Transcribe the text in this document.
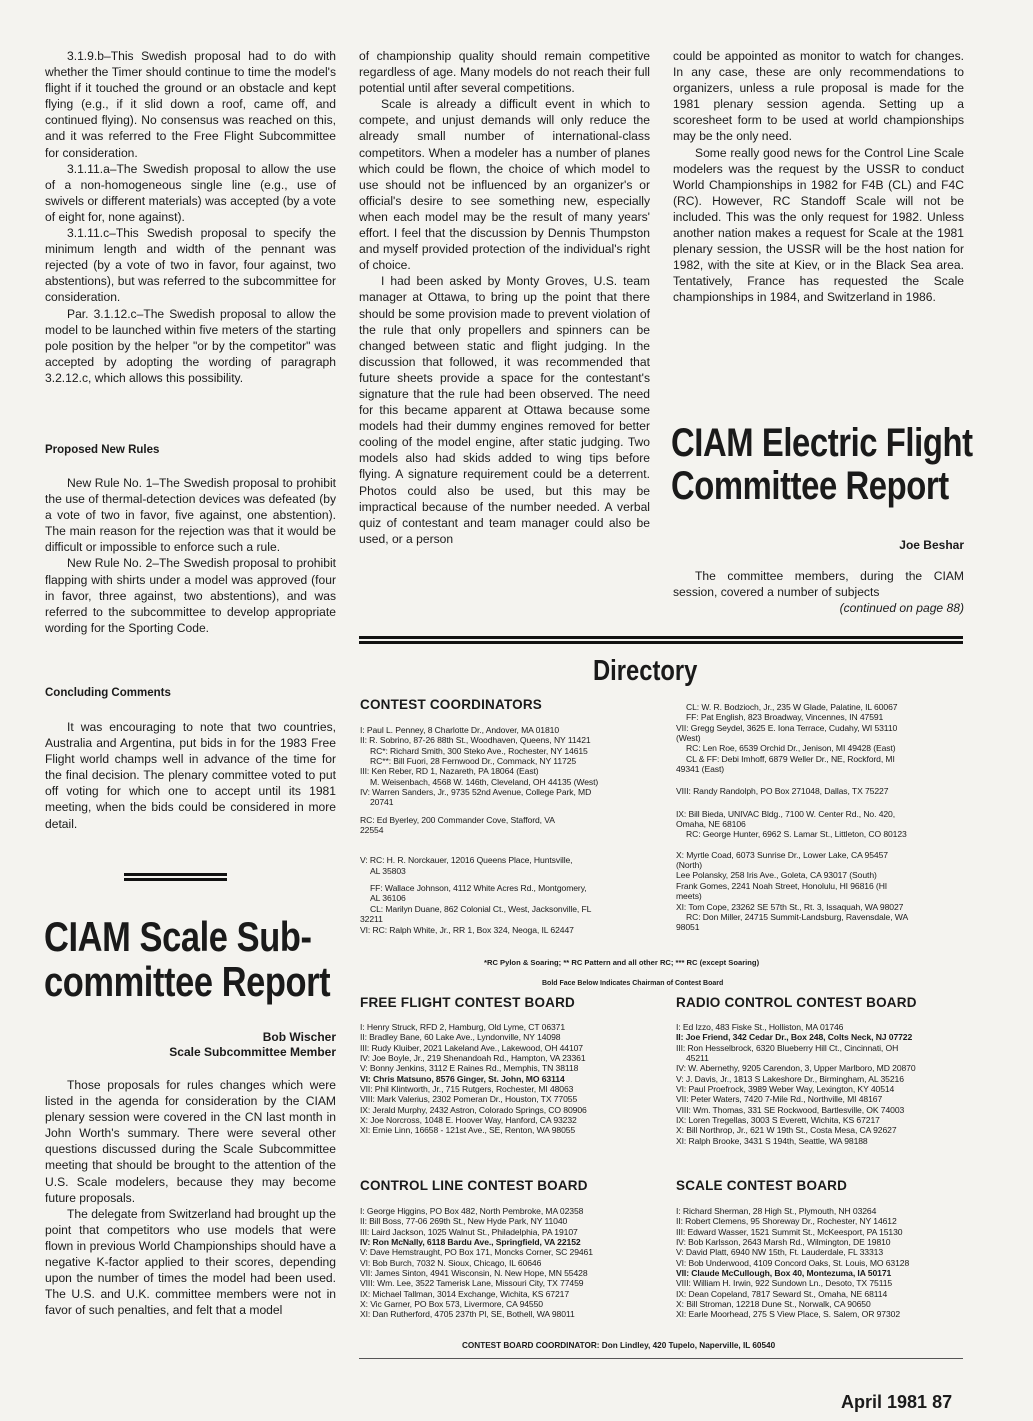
3.1.9.b–This Swedish proposal had to do with whether the Timer should continue to time the model's flight if it touched the ground or an obstacle and kept flying (e.g., if it slid down a roof, came off, and continued flying). No consensus was reached on this, and it was referred to the Free Flight Subcommittee for consideration.

3.1.11.a–The Swedish proposal to allow the use of a non-homogeneous single line (e.g., use of swivels or different materials) was accepted (by a vote of eight for, none against).

3.1.11.c–This Swedish proposal to specify the minimum length and width of the pennant was rejected (by a vote of two in favor, four against, two abstentions), but was referred to the subcommittee for consideration.

Par. 3.1.12.c–The Swedish proposal to allow the model to be launched within five meters of the starting pole position by the helper "or by the competitor" was accepted by adopting the wording of paragraph 3.2.12.c, which allows this possibility.

Proposed New Rules

New Rule No. 1–The Swedish proposal to prohibit the use of thermal-detection devices was defeated (by a vote of two in favor, five against, one abstention). The main reason for the rejection was that it would be difficult or impossible to enforce such a rule.

New Rule No. 2–The Swedish proposal to prohibit flapping with shirts under a model was approved (four in favor, three against, two abstentions), and was referred to the subcommittee to develop appropriate wording for the Sporting Code.

Concluding Comments

It was encouraging to note that two countries, Australia and Argentina, put bids in for the 1983 Free Flight world champs well in advance of the time for the final decision. The plenary committee voted to put off voting for which one to accept until its 1981 meeting, when the bids could be considered in more detail.

CIAM Scale Sub-

committee Report

Bob Wischer
Scale Subcommittee Member

Those proposals for rules changes which were listed in the agenda for consideration by the CIAM plenary session were covered in the CN last month in John Worth's summary. There were several other questions discussed during the Scale Subcommittee meeting that should be brought to the attention of the U.S. Scale modelers, because they may become future proposals.

The delegate from Switzerland had brought up the point that competitors who use models that were flown in previous World Championships should have a negative K-factor applied to their scores, depending upon the number of times the model had been used. The U.S. and U.K. committee members were not in favor of such penalties, and felt that a model

of championship quality should remain competitive regardless of age. Many models do not reach their full potential until after several competitions.

Scale is already a difficult event in which to compete, and unjust demands will only reduce the already small number of international-class competitors. When a modeler has a number of planes which could be flown, the choice of which model to use should not be influenced by an organizer's or official's desire to see something new, especially when each model may be the result of many years' effort. I feel that the discussion by Dennis Thumpston and myself provided protection of the individual's right of choice.

I had been asked by Monty Groves, U.S. team manager at Ottawa, to bring up the point that there should be some provision made to prevent violation of the rule that only propellers and spinners can be changed between static and flight judging. In the discussion that followed, it was recommended that future sheets provide a space for the contestant's signature that the rule had been observed. The need for this became apparent at Ottawa because some models had their dummy engines removed for better cooling of the model engine, after static judging. Two models also had skids added to wing tips before flying. A signature requirement could be a deterrent. Photos could also be used, but this may be impractical because of the number needed. A verbal quiz of contestant and team manager could also be used, or a person

could be appointed as monitor to watch for changes. In any case, these are only recommendations to organizers, unless a rule proposal is made for the 1981 plenary session agenda. Setting up a scoresheet form to be used at world championships may be the only need.

Some really good news for the Control Line Scale modelers was the request by the USSR to conduct World Championships in 1982 for F4B (CL) and F4C (RC). However, RC Standoff Scale will not be included. This was the only request for 1982. Unless another nation makes a request for Scale at the 1981 plenary session, the USSR will be the host nation for 1982, with the site at Kiev, or in the Black Sea area. Tentatively, France has requested the Scale championships in 1984, and Switzerland in 1986.

CIAM Electric Flight

Committee Report

Joe Beshar

The committee members, during the CIAM session, covered a number of subjects

(continued on page 88)

Directory

CONTEST COORDINATORS

I: Paul L. Penney, 8 Charlotte Dr., Andover, MA 01810
II: R. Sobrino, 87-26 88th St., Woodhaven, Queens, NY 11421
RC*: Richard Smith, 300 Steko Ave., Rochester, NY 14615
RC**: Bill Fuori, 28 Fernwood Dr., Commack, NY 11725
III: Ken Reber, RD 1, Nazareth, PA 18064 (East)
M. Weisenbach, 4568 W. 146th, Cleveland, OH 44135 (West)
IV: Warren Sanders, Jr., 9735 52nd Avenue, College Park, MD
20741
RC: Ed Byerley, 200 Commander Cove, Stafford, VA
22554
V: RC: H. R. Norckauer, 12016 Queens Place, Huntsville,
AL 35803
FF: Wallace Johnson, 4112 White Acres Rd., Montgomery,
AL 36106
CL: Marilyn Duane, 862 Colonial Ct., West, Jacksonville, FL
32211
VI: RC: Ralph White, Jr., RR 1, Box 324, Neoga, IL 62447
CL: W. R. Bodzioch, Jr., 235 W Glade, Palatine, IL 60067
FF: Pat English, 823 Broadway, Vincennes, IN 47591
VII: Gregg Seydel, 3625 E. Iona Terrace, Cudahy, WI 53110
(West)
RC: Len Roe, 6539 Orchid Dr., Jenison, MI 49428 (East)
CL & FF: Debi Imhoff, 6879 Weller Dr., NE, Rockford, MI
49341 (East)
VIII: Randy Randolph, PO Box 271048, Dallas, TX 75227
IX: Bill Bieda, UNIVAC Bldg., 7100 W. Center Rd., No. 420,
Omaha, NE 68106
RC: George Hunter, 6962 S. Lamar St., Littleton, CO 80123
X: Myrtle Coad, 6073 Sunrise Dr., Lower Lake, CA 95457
(North)
Lee Polansky, 258 Iris Ave., Goleta, CA 93017 (South)
Frank Gomes, 2241 Noah Street, Honolulu, HI 96816 (HI
meets)
XI: Tom Cope, 23262 SE 57th St., Rt. 3, Issaquah, WA 98027
RC: Don Miller, 24715 Summit-Landsburg, Ravensdale, WA
98051
*RC Pylon & Soaring; ** RC Pattern and all other RC; *** RC (except Soaring)
Bold Face Below Indicates Chairman of Contest Board

FREE FLIGHT CONTEST BOARD

I: Henry Struck, RFD 2, Hamburg, Old Lyme, CT 06371
II: Bradley Bane, 60 Lake Ave., Lyndonville, NY 14098
III: Rudy Kluiber, 2021 Lakeland Ave., Lakewood, OH 44107
IV: Joe Boyle, Jr., 219 Shenandoah Rd., Hampton, VA 23361
V: Bonny Jenkins, 3112 E Raines Rd., Memphis, TN 38118
VI: Chris Matsuno, 8576 Ginger, St. John, MO 63114
VII: Phil Klintworth, Jr., 715 Rutgers, Rochester, MI 48063
VIII: Mark Valerius, 2302 Pomeran Dr., Houston, TX 77055
IX: Jerald Murphy, 2432 Astron, Colorado Springs, CO 80906
X: Joe Norcross, 1048 E. Hoover Way, Hanford, CA 93232
XI: Ernie Linn, 16658 - 121st Ave., SE, Renton, WA 98055

RADIO CONTROL CONTEST BOARD

I: Ed Izzo, 483 Fiske St., Holliston, MA 01746
II: Joe Friend, 342 Cedar Dr., Box 248, Colts Neck, NJ 07722
III: Ron Hesselbrock, 6320 Blueberry Hill Ct., Cincinnati, OH
45211
IV: W. Abernethy, 9205 Carendon, 3, Upper Marlboro, MD 20870
V: J. Davis, Jr., 1813 S Lakeshore Dr., Birmingham, AL 35216
VI: Paul Proefrock, 3989 Weber Way, Lexington, KY 40514
VII: Peter Waters, 7420 7-Mile Rd., Northville, MI 48167
VIII: Wm. Thomas, 331 SE Rockwood, Bartlesville, OK 74003
IX: Loren Tregellas, 3003 S Everett, Wichita, KS 67217
X: Bill Northrop, Jr., 621 W 19th St., Costa Mesa, CA 92627
XI: Ralph Brooke, 3431 S 194th, Seattle, WA 98188

CONTROL LINE CONTEST BOARD

I: George Higgins, PO Box 482, North Pembroke, MA 02358
II: Bill Boss, 77-06 269th St., New Hyde Park, NY 11040
III: Laird Jackson, 1025 Walnut St., Philadelphia, PA 19107
IV: Ron McNally, 6118 Bardu Ave., Springfield, VA 22152
V: Dave Hemstraught, PO Box 171, Moncks Corner, SC 29461
VI: Bob Burch, 7032 N. Sioux, Chicago, IL 60646
VII: James Sinton, 4941 Wisconsin, N. New Hope, MN 55428
VIII: Wm. Lee, 3522 Tamerisk Lane, Missouri City, TX 77459
IX: Michael Tallman, 3014 Exchange, Wichita, KS 67217
X: Vic Garner, PO Box 573, Livermore, CA 94550
XI: Dan Rutherford, 4705 237th Pl, SE, Bothell, WA 98011

SCALE CONTEST BOARD

I: Richard Sherman, 28 High St., Plymouth, NH 03264
II: Robert Clemens, 95 Shoreway Dr., Rochester, NY 14612
III: Edward Wasser, 1521 Summit St., McKeesport, PA 15130
IV: Bob Karlsson, 2643 Marsh Rd., Wilmington, DE 19810
V: David Platt, 6940 NW 15th, Ft. Lauderdale, FL 33313
VI: Bob Underwood, 4109 Concord Oaks, St. Louis, MO 63128
VII: Claude McCullough, Box 40, Montezuma, IA 50171
VIII: William H. Irwin, 922 Sundown Ln., Desoto, TX 75115
IX: Dean Copeland, 7817 Seward St., Omaha, NE 68114
X: Bill Stroman, 12218 Dune St., Norwalk, CA 90650
XI: Earle Moorhead, 275 S View Place, S. Salem, OR 97302
CONTEST BOARD COORDINATOR: Don Lindley, 420 Tupelo, Naperville, IL 60540
April 1981 87
